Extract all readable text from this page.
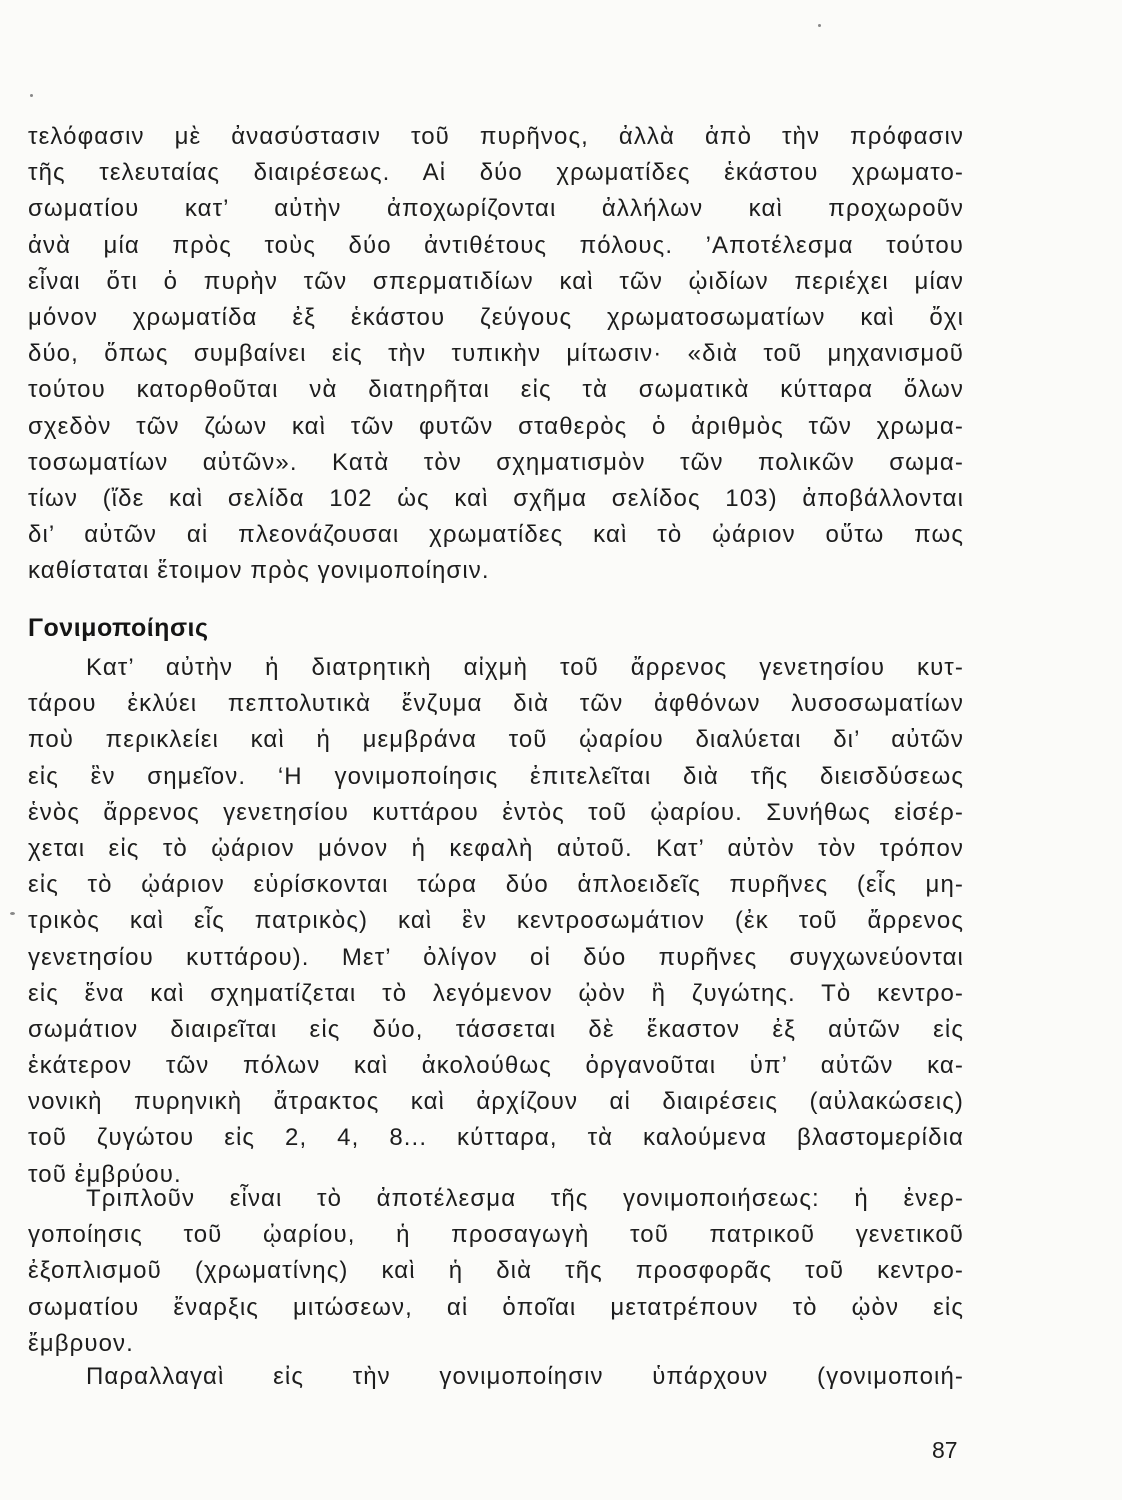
τελόφασιν μὲ ἀνασύστασιν τοῦ πυρῆνος, ἀλλὰ ἀπὸ τὴν πρόφασιν
τῆς τελευταίας διαιρέσεως. Αἱ δύο χρωματίδες ἑκάστου χρωματο-
σωματίου κατ’ αὐτὴν ἀποχωρίζονται ἀλλήλων καὶ προχωροῦν
ἀνὰ μία πρὸς τοὺς δύο ἀντιθέτους πόλους. ’Αποτέλεσμα τούτου
εἶναι ὅτι ὁ πυρὴν τῶν σπερματιδίων καὶ τῶν ᾠιδίων περιέχει μίαν
μόνον χρωματίδα ἐξ ἑκάστου ζεύγους χρωματοσωματίων καὶ ὄχι
δύο, ὅπως συμβαίνει εἰς τὴν τυπικὴν μίτωσιν· «διὰ τοῦ μηχανισμοῦ
τούτου κατορθοῦται νὰ διατηρῆται εἰς τὰ σωματικὰ κύτταρα ὅλων
σχεδὸν τῶν ζώων καὶ τῶν φυτῶν σταθερὸς ὁ ἀριθμὸς τῶν χρωμα-
τοσωματίων αὐτῶν». Κατὰ τὸν σχηματισμὸν τῶν πολικῶν σωμα-
τίων (ἴδε καὶ σελίδα 102 ὡς καὶ σχῆμα σελίδος 103) ἀποβάλλονται
δι’ αὐτῶν αἱ πλεονάζουσαι χρωματίδες καὶ τὸ ᾠάριον οὕτω πως
καθίσταται ἕτοιμον πρὸς γονιμοποίησιν.
Γονιμοποίησις
Κατ’ αὐτὴν ἡ διατρητικὴ αἰχμὴ τοῦ ἄρρενος γενετησίου κυτ-
τάρου ἐκλύει πεπτολυτικὰ ἔνζυμα διὰ τῶν ἀφθόνων λυσοσωματίων
ποὺ περικλείει καὶ ἡ μεμβράνα τοῦ ᾠαρίου διαλύεται δι’ αὐτῶν
εἰς ἓν σημεῖον. ‘Η γονιμοποίησις ἐπιτελεῖται διὰ τῆς διεισδύσεως
ἑνὸς ἄρρενος γενετησίου κυττάρου ἐντὸς τοῦ ᾠαρίου. Συνήθως εἰσέρ-
χεται εἰς τὸ ᾠάριον μόνον ἡ κεφαλὴ αὐτοῦ. Κατ’ αὐτὸν τὸν τρόπον
εἰς τὸ ᾠάριον εὑρίσκονται τώρα δύο ἁπλοειδεῖς πυρῆνες (εἷς μη-
τρικὸς καὶ εἷς πατρικὸς) καὶ ἓν κεντροσωμάτιον (ἐκ τοῦ ἄρρενος
γενετησίου κυττάρου). Μετ’ ὀλίγον οἱ δύο πυρῆνες συγχωνεύονται
εἰς ἕνα καὶ σχηματίζεται τὸ λεγόμενον ᾠὸν ἢ ζυγώτης. Τὸ κεντρο-
σωμάτιον διαιρεῖται εἰς δύο, τάσσεται δὲ ἕκαστον ἐξ αὐτῶν εἰς
ἑκάτερον τῶν πόλων καὶ ἀκολούθως ὀργανοῦται ὑπ’ αὐτῶν κα-
νονικὴ πυρηνικὴ ἄτρακτος καὶ ἀρχίζουν αἱ διαιρέσεις (αὐλακώσεις)
τοῦ ζυγώτου εἰς 2, 4, 8... κύτταρα, τὰ καλούμενα βλαστομερίδια
τοῦ ἐμβρύου.
Τριπλοῦν εἶναι τὸ ἀποτέλεσμα τῆς γονιμοποιήσεως: ἡ ἐνερ-
γοποίησις τοῦ ᾠαρίου, ἡ προσαγωγὴ τοῦ πατρικοῦ γενετικοῦ
ἐξοπλισμοῦ (χρωματίνης) καὶ ἡ διὰ τῆς προσφορᾶς τοῦ κεντρο-
σωματίου ἔναρξις μιτώσεων, αἱ ὁποῖαι μετατρέπουν τὸ ᾠὸν εἰς
ἔμβρυον.
Παραλλαγαὶ εἰς τὴν γονιμοποίησιν ὑπάρχουν (γονιμοποιή-

87
